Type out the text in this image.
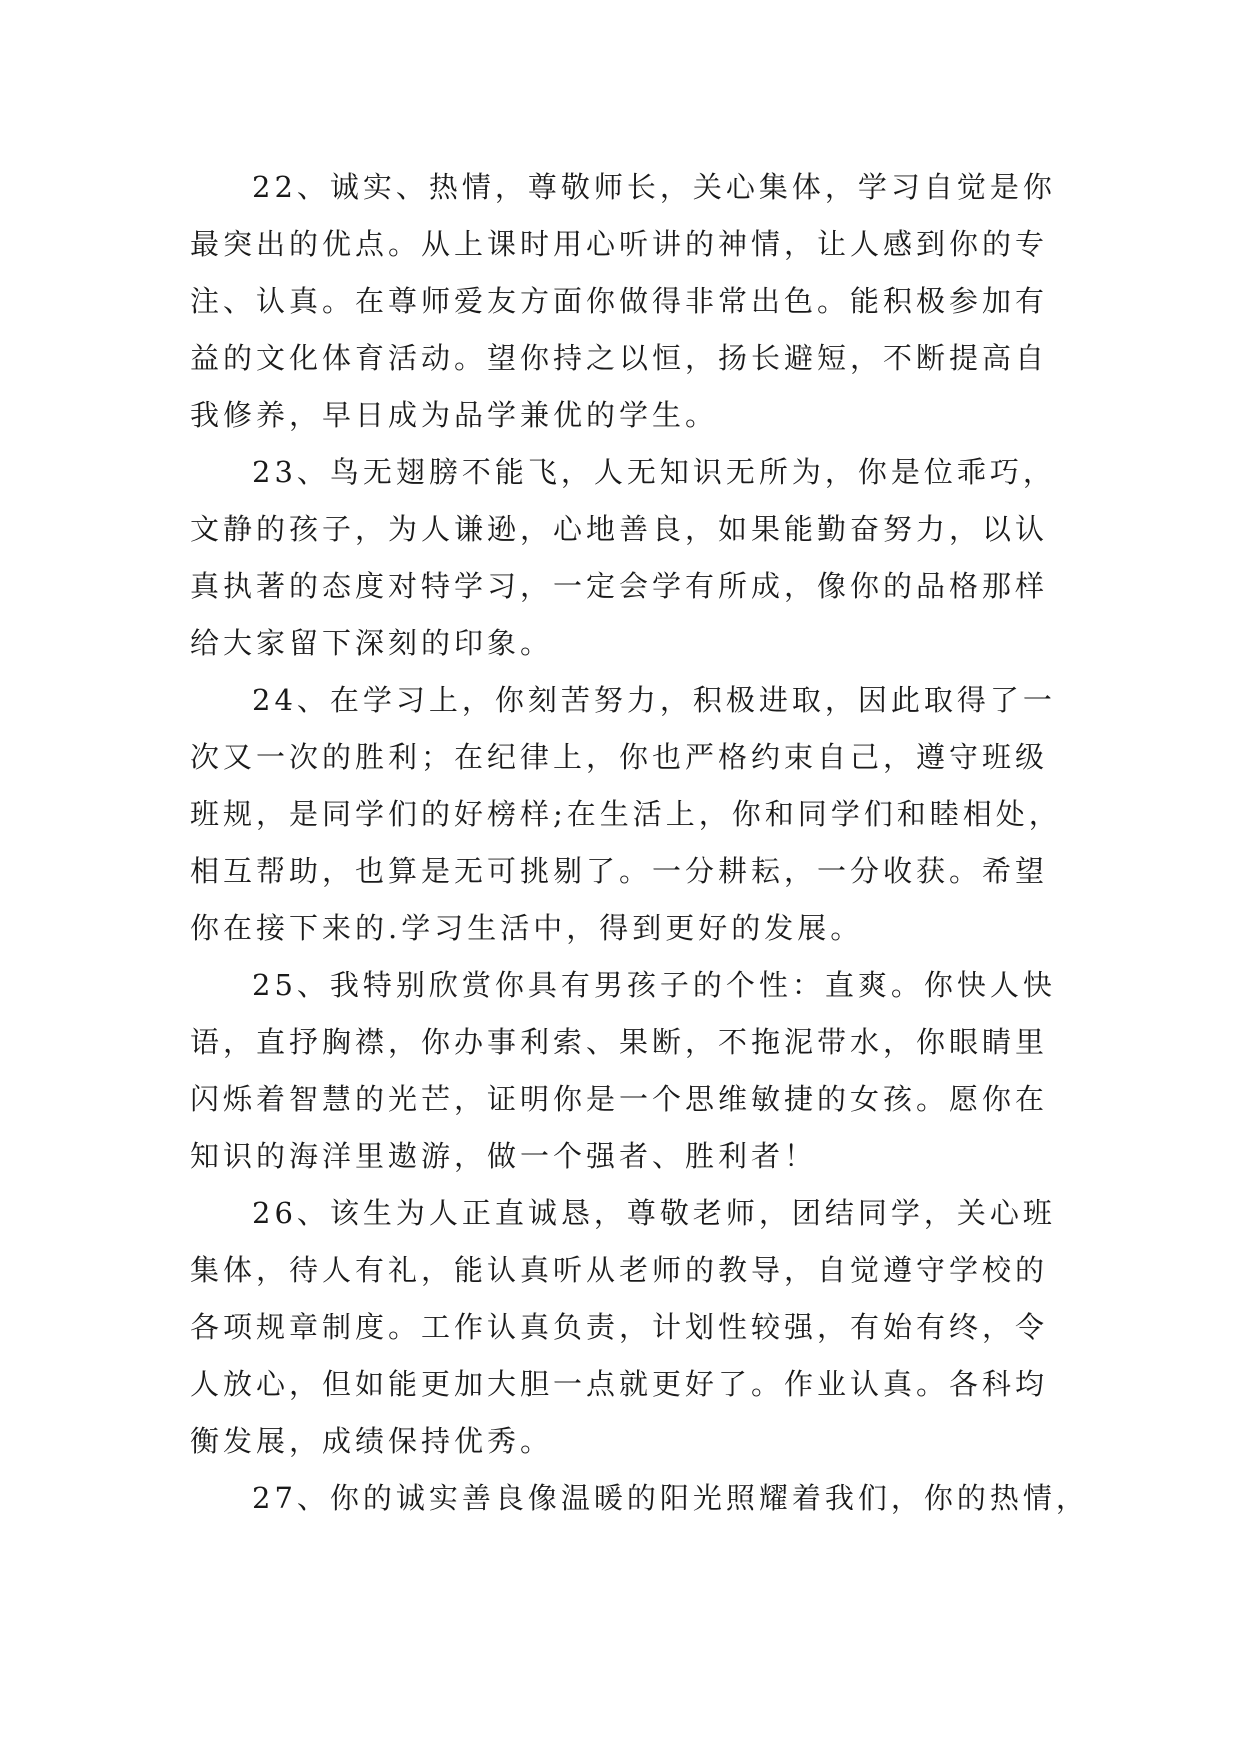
22、诚实、热情，尊敬师长，关心集体，学习自觉是你
最突出的优点。从上课时用心听讲的神情，让人感到你的专
注、认真。在尊师爱友方面你做得非常出色。能积极参加有
益的文化体育活动。望你持之以恒，扬长避短，不断提高自
我修养，早日成为品学兼优的学生。
23、鸟无翅膀不能飞，人无知识无所为，你是位乖巧，
文静的孩子，为人谦逊，心地善良，如果能勤奋努力，以认
真执著的态度对特学习，一定会学有所成，像你的品格那样
给大家留下深刻的印象。
24、在学习上，你刻苦努力，积极进取，因此取得了一
次又一次的胜利；在纪律上，你也严格约束自己，遵守班级
班规，是同学们的好榜样;在生活上，你和同学们和睦相处，
相互帮助，也算是无可挑剔了。一分耕耘，一分收获。希望
你在接下来的.学习生活中，得到更好的发展。
25、我特别欣赏你具有男孩子的个性：直爽。你快人快
语，直抒胸襟，你办事利索、果断，不拖泥带水，你眼睛里
闪烁着智慧的光芒，证明你是一个思维敏捷的女孩。愿你在
知识的海洋里遨游，做一个强者、胜利者！
26、该生为人正直诚恳，尊敬老师，团结同学，关心班
集体，待人有礼，能认真听从老师的教导，自觉遵守学校的
各项规章制度。工作认真负责，计划性较强，有始有终，令
人放心，但如能更加大胆一点就更好了。作业认真。各科均
衡发展，成绩保持优秀。
27、你的诚实善良像温暖的阳光照耀着我们，你的热情，
